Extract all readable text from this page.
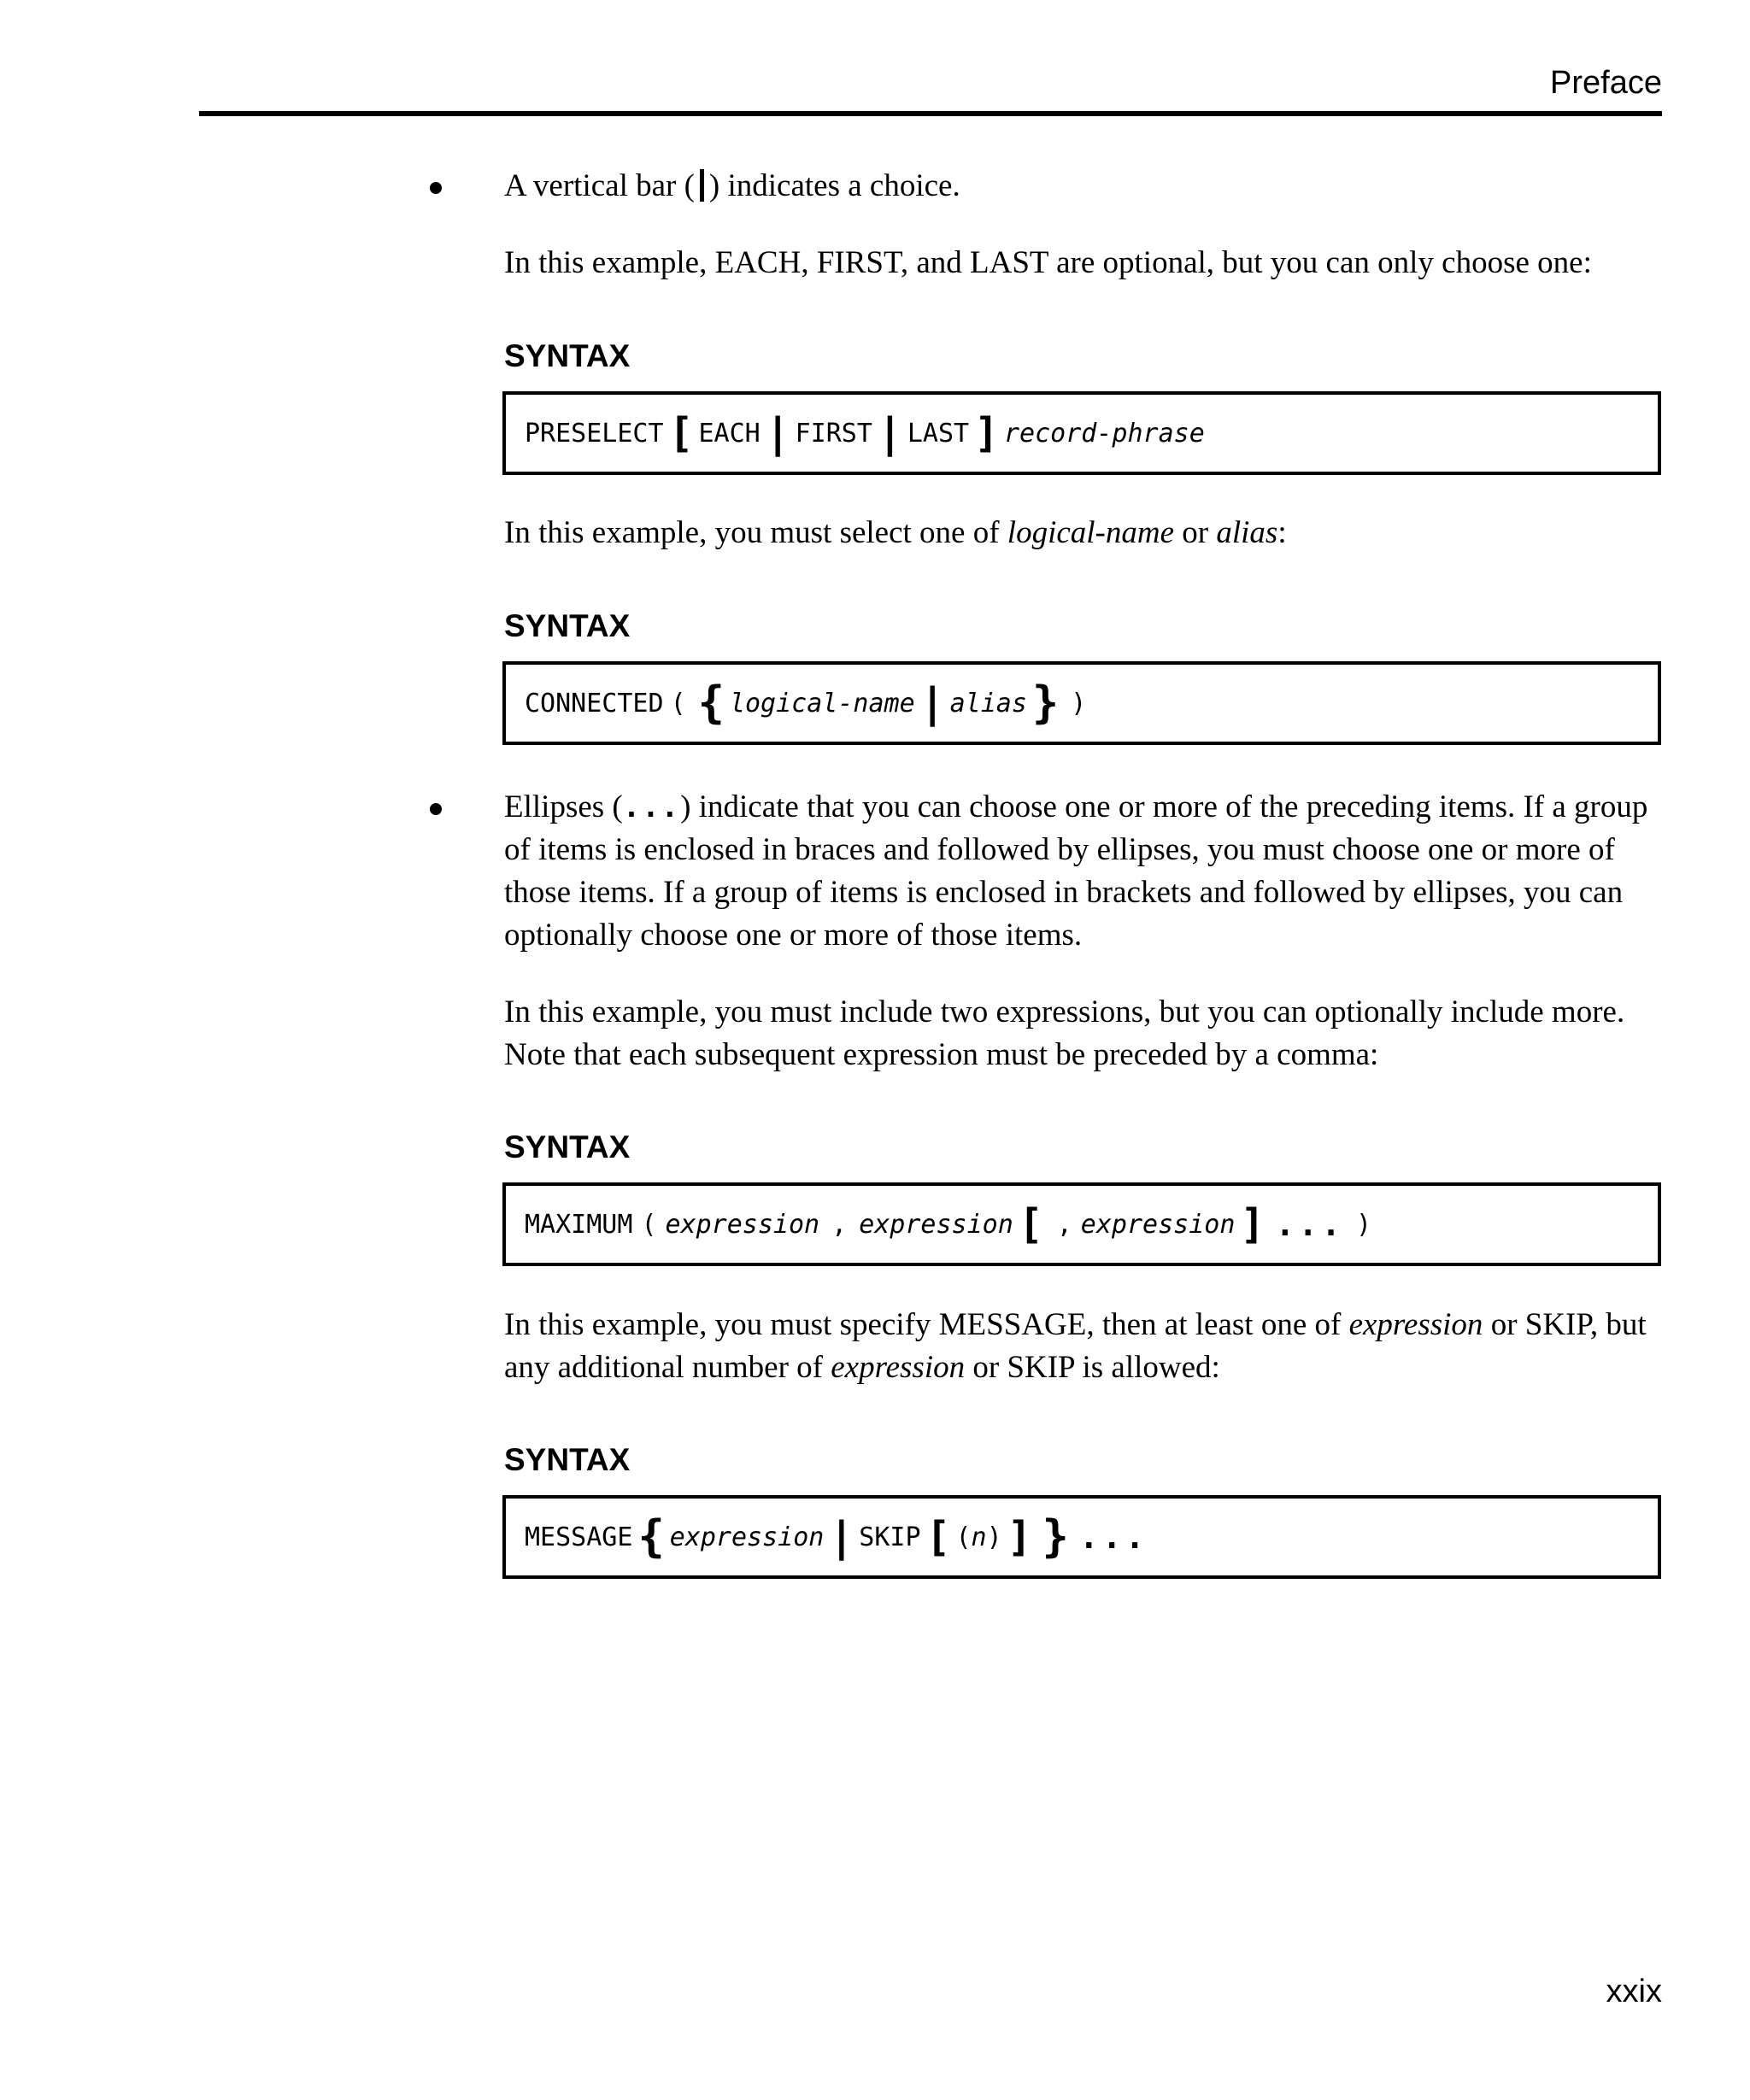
Preface
A vertical bar ( ) indicates a choice.
In this example, EACH, FIRST, and LAST are optional, but you can only choose one:
SYNTAX
PRESELECT [ EACH | FIRST | LAST ] record-phrase
In this example, you must select one of logical-name or alias:
SYNTAX
CONNECTED ( { logical-name | alias } )
Ellipses (...) indicate that you can choose one or more of the preceding items. If a group of items is enclosed in braces and followed by ellipses, you must choose one or more of those items. If a group of items is enclosed in brackets and followed by ellipses, you can optionally choose one or more of those items.
In this example, you must include two expressions, but you can optionally include more. Note that each subsequent expression must be preceded by a comma:
SYNTAX
MAXIMUM ( expression , expression [ , expression ] ... )
In this example, you must specify MESSAGE, then at least one of expression or SKIP, but any additional number of expression or SKIP is allowed:
SYNTAX
MESSAGE { expression | SKIP [ ( n ) ] } ...
xxix
